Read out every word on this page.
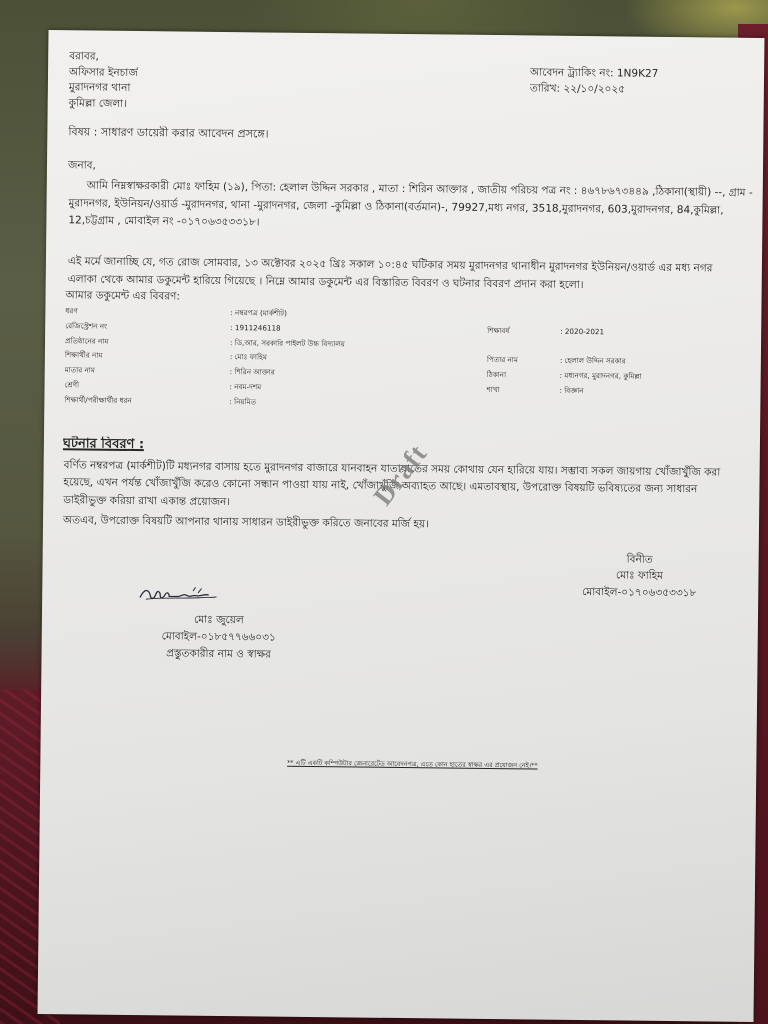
বরাবর,
অফিসার ইনচার্জ
মুরাদনগর থানা
কুমিল্লা জেলা।
আবেদন ট্র্যাকিং নং: 1N9K27
তারিখ: ২২/১০/২০২৫
বিষয় : সাধারণ ডায়েরী করার আবেদন প্রসঙ্গে।
জনাব,
আমি নিম্নস্বাক্ষরকারী মোঃ ফাহিম (১৯), পিতা: হেলাল উদ্দিন সরকার , মাতা : শিরিন আক্তার , জাতীয় পরিচয় পত্র নং : ৪৬৭৮৬৭৩৪৪৯ ,ঠিকানা(স্থায়ী) --, গ্রাম -
মুরাদনগর, ইউনিয়ন/ওয়ার্ড -মুরাদনগর, থানা -মুরাদনগর, জেলা -কুমিল্লা ও ঠিকানা(বর্তমান)-, 79927,মধ্য নগর, 3518,মুরাদনগর, 603,মুরাদনগর, 84,কুমিল্লা,
12,চট্টগ্রাম , মোবাইল নং -০১৭০৬৩৫৩৩১৮।
এই মর্মে জানাচ্ছি যে, গত রোজ সোমবার, ১৩ অক্টোবর ২০২৫ খ্রিঃ সকাল ১০:৪৫ ঘটিকার সময় মুরাদনগর থানাধীন মুরাদনগর ইউনিয়ন/ওয়ার্ড এর মধ্য নগর
এলাকা থেকে আমার ডকুমেন্ট হারিয়ে গিয়েছে । নিম্নে আমার ডকুমেন্ট এর বিস্তারিত বিবরণ ও ঘটনার বিবরণ প্রদান করা হলো।
আমার ডকুমেন্ট এর বিবরণ:
ধরণ	: নম্বরপত্র (মার্কশীট)
রেজিস্ট্রেশন নং	: 1911246118	শিক্ষাবর্ষ	: 2020-2021
প্রতিষ্ঠানের নাম	: ডি,আর, সরকারি পাইলট উচ্চ বিদ্যালয়
শিক্ষার্থীর নাম	: মোঃ ফাহিম	পিতার নাম	: হেলাল উদ্দিন সরকার
মাতার নাম	: শিরিন আক্তার	ঠিকানা	: মধ্যনগর, মুরাদনগর, কুমিল্লা
শ্রেণী	: নবম-দশম	শাখা	: বিজ্ঞান
শিক্ষার্থী/পরীক্ষার্থীর ধরন	: নিয়মিত
ঘটনার বিবরণ :
বর্ণিত নম্বরপত্র (মার্কশীট)টি মধ্যনগর বাসায় হতে মুরাদনগর বাজারে যানবাহন যাতায়াতের সময় কোথায় যেন হারিয়ে যায়। সম্ভাব্য সকল জায়গায় খোঁজাখুঁজি করা
হয়েছে, এখন পর্যন্ত খোঁজাখুঁজি করেও কোনো সন্ধান পাওয়া যায় নাই, খোঁজাখুঁজি অব্যাহত আছে। এমতাবস্থায়, উপরোক্ত বিষয়টি ভবিষ্যতের জন্য সাধারন
ডাইরীভুক্ত করিয়া রাখা একান্ত প্রয়োজন।
অতএব, উপরোক্ত বিষয়টি আপনার থানায় সাধারন ডাইরীভুক্ত করিতে জনাবের মর্জি হয়।
Draft
বিনীত
মোঃ ফাহিম
মোবাইল-০১৭০৬৩৫৩৩১৮
মোঃ জুয়েল
মোবাইল-০১৮৫৭৭৬৬০৩১
প্রস্তুতকারীর নাম ও স্বাক্ষর
** এটি একটি কম্পিউটার জেনারেটেড আবেদনপত্র, এতে কোন হাতের স্বাক্ষর এর প্রয়োজন নেই।**
